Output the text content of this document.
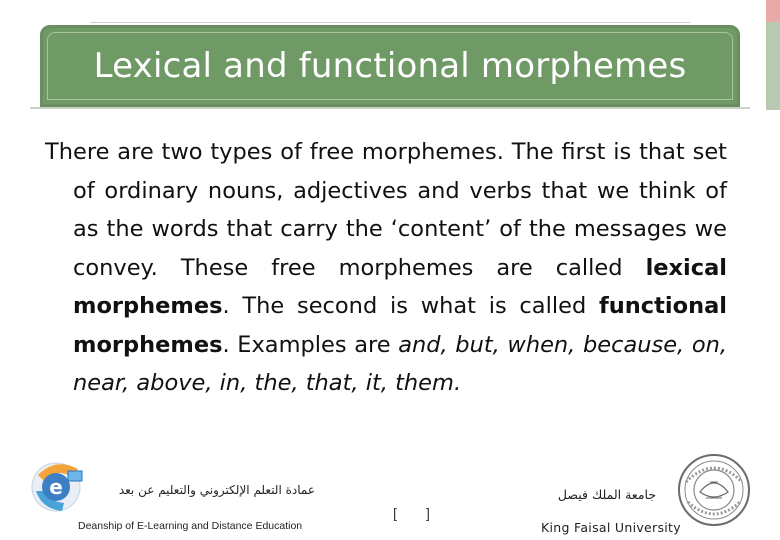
Lexical and functional morphemes

There are two types of free morphemes. The first is that set of ordinary nouns, adjectives and verbs that we think of as the words that carry the ‘content’ of the messages we convey. These free morphemes are called lexical morphemes. The second is what is called functional morphemes. Examples are and, but, when, because, on, near, above, in, the, that, it, them.

e	عمادة التعلم الإلكتروني والتعليم عن بعد
Deanship of E-Learning and Distance Education
[ ]
جامعة الملك فيصل
King Faisal University
